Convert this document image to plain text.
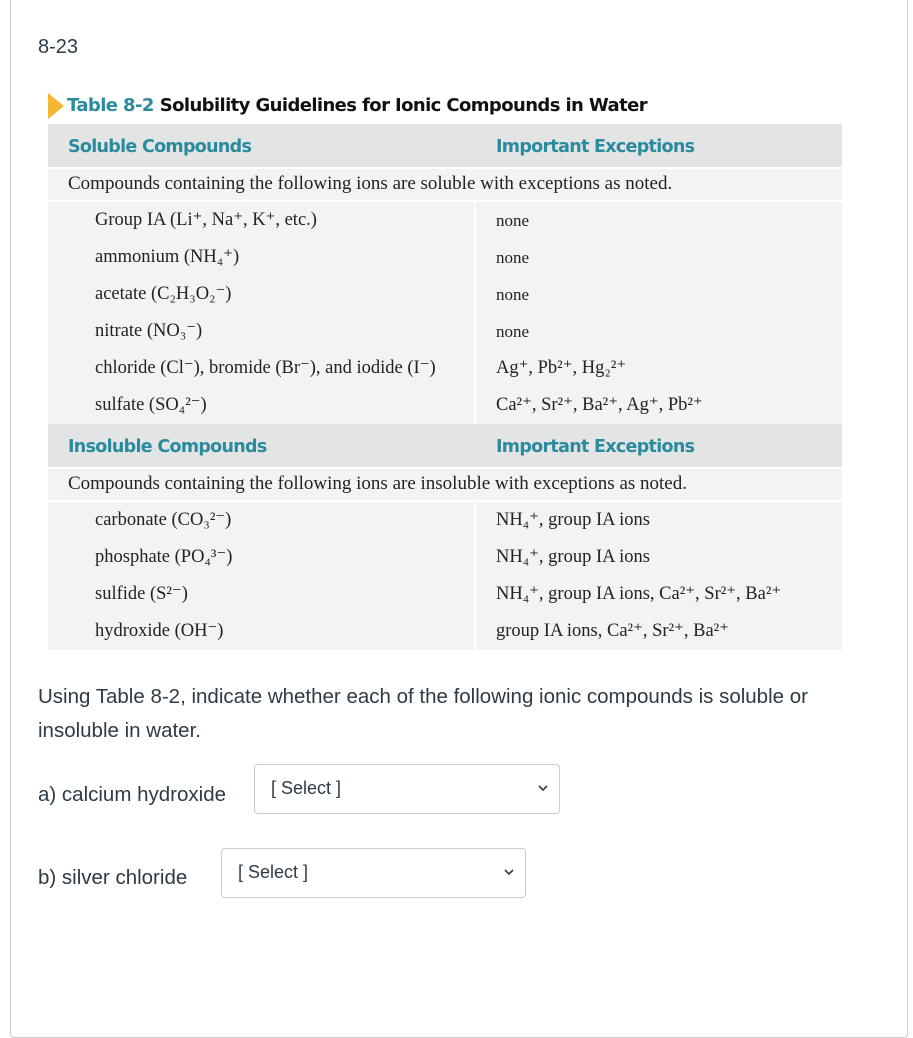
8-23
Table 8-2 Solubility Guidelines for Ionic Compounds in Water
Soluble Compounds	Important Exceptions
Compounds containing the following ions are soluble with exceptions as noted.
Group IA (Li⁺, Na⁺, K⁺, etc.)	none
ammonium (NH₄⁺)	none
acetate (C₂H₃O₂⁻)	none
nitrate (NO₃⁻)	none
chloride (Cl⁻), bromide (Br⁻), and iodide (I⁻)	Ag⁺, Pb²⁺, Hg₂²⁺
sulfate (SO₄²⁻)	Ca²⁺, Sr²⁺, Ba²⁺, Ag⁺, Pb²⁺
Insoluble Compounds	Important Exceptions
Compounds containing the following ions are insoluble with exceptions as noted.
carbonate (CO₃²⁻)	NH₄⁺, group IA ions
phosphate (PO₄³⁻)	NH₄⁺, group IA ions
sulfide (S²⁻)	NH₄⁺, group IA ions, Ca²⁺, Sr²⁺, Ba²⁺
hydroxide (OH⁻)	group IA ions, Ca²⁺, Sr²⁺, Ba²⁺
Using Table 8-2, indicate whether each of the following ionic compounds is soluble or insoluble in water.
a) calcium hydroxide	[ Select ]
b) silver chloride	[ Select ]
